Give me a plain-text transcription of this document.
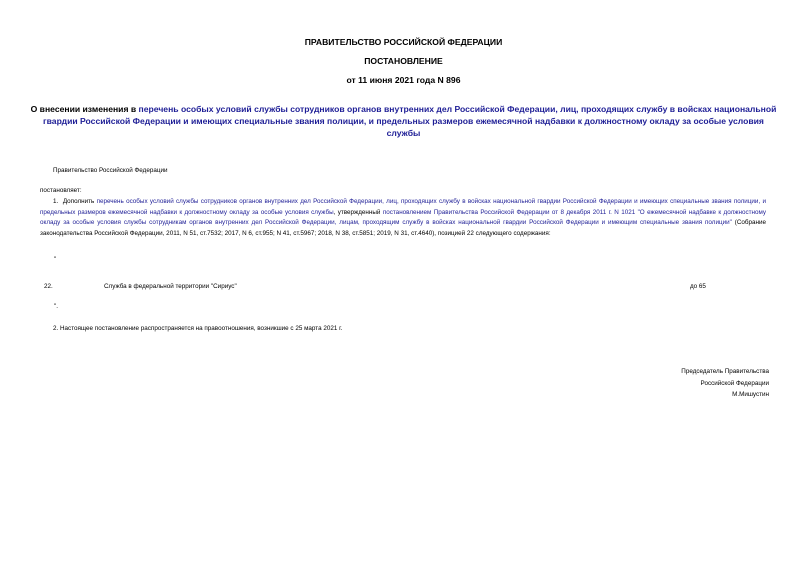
ПРАВИТЕЛЬСТВО РОССИЙСКОЙ ФЕДЕРАЦИИ
ПОСТАНОВЛЕНИЕ
от 11 июня 2021 года N 896
О внесении изменения в перечень особых условий службы сотрудников органов внутренних дел Российской Федерации, лиц, проходящих службу в войсках национальной гвардии Российской Федерации и имеющих специальные звания полиции, и предельных размеров ежемесячной надбавки к должностному окладу за особые условия службы
Правительство Российской Федерации
постановляет:
1. Дополнить перечень особых условий службы сотрудников органов внутренних дел Российской Федерации, лиц, проходящих службу в войсках национальной гвардии Российской Федерации и имеющих специальные звания полиции, и предельных размеров ежемесячной надбавки к должностному окладу за особые условия службы, утвержденный постановлением Правительства Российской Федерации от 8 декабря 2011 г. N 1021 "О ежемесячной надбавке к должностному окладу за особые условия службы сотрудникам органов внутренних дел Российской Федерации, лицам, проходящим службу в войсках национальной гвардии Российской Федерации и имеющим специальные звания полиции" (Собрание законодательства Российской Федерации, 2011, N 51, ст.7532; 2017, N 6, ст.955; N 41, ст.5967; 2018, N 38, ст.5851; 2019, N 31, ст.4640), позицией 22 следующего содержания:
"
22.	Служба в федеральной территории "Сириус"	до 65
".
2. Настоящее постановление распространяется на правоотношения, возникшие с 25 марта 2021 г.
Председатель Правительства
Российской Федерации
М.Мишустин
